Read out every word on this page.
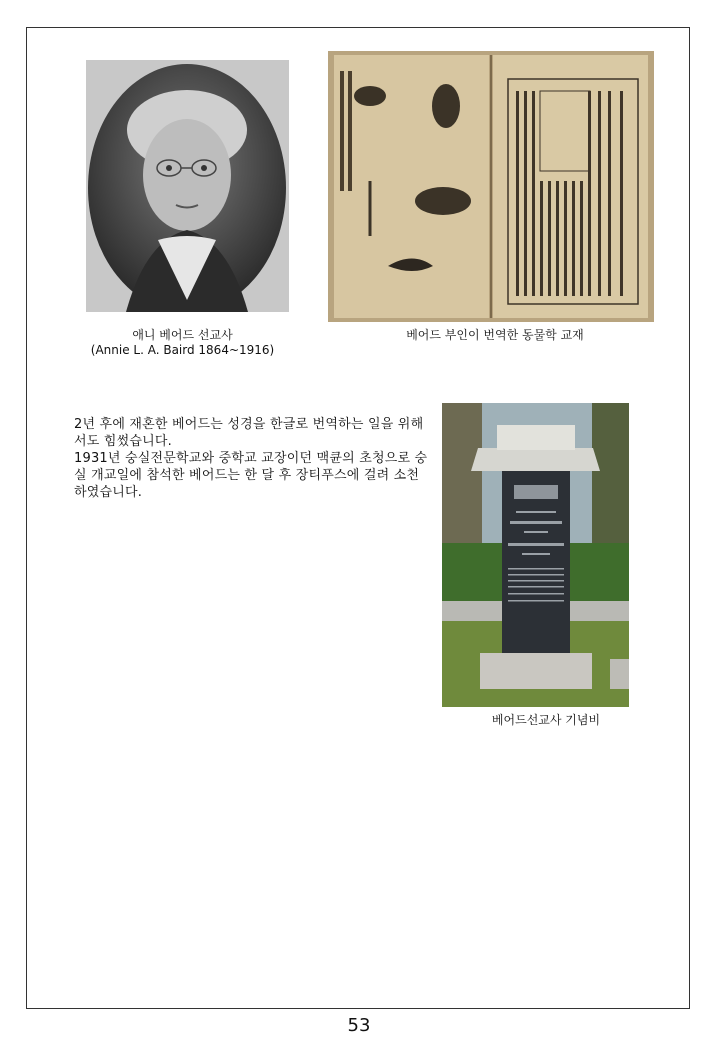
애니 베어드 선교사
(Annie L. A. Baird 1864~1916)
베어드 부인이 번역한 동물학 교재

2년 후에 재혼한 베어드는 성경을 한글로 번역하는 일을 위해서도 힘썼습니다.

1931년 숭실전문학교와 중학교 교장이던 맥큔의 초청으로 숭실 개교일에 참석한 베어드는 한 달 후 장티푸스에 걸려 소천 하였습니다.

베어드선교사 기념비
53
